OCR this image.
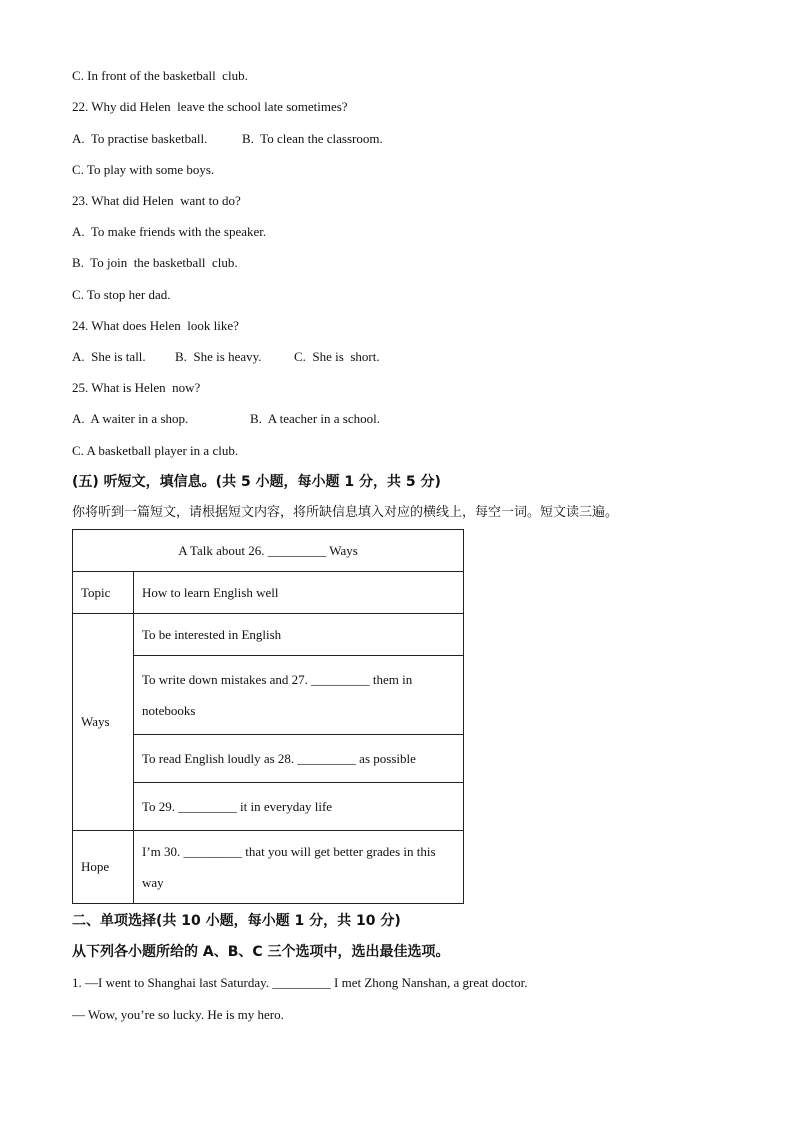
C. In front of the basketball  club.
22. Why did Helen  leave the school late sometimes?
A.  To practise basketball.	B.  To clean the classroom.
C. To play with some boys.
23. What did Helen  want to do?
A.  To make friends with the speaker.
B.  To join  the basketball  club.
C. To stop her dad.
24. What does Helen  look like?
A.  She is tall. B.  She is heavy. C.  She is  short.
25. What is Helen  now?
A.  A waiter in a shop.	B.  A teacher in a school.
C. A basketball player in a club.
(五) 听短文，填信息。(共 5 小题，每小题 1 分，共 5 分)
你将听到一篇短文，请根据短文内容，将所缺信息填入对应的横线上，每空一词。短文读三遍。
A Talk about 26. _________ Ways	
Topic	How to learn English well
Ways	To be interested in English

	To write down mistakes and 27. _________ them in notebooks

	To read English loudly as 28. _________ as possible
	To 29. _________ it in everyday life
Hope	I’m 30. _________ that you will get better grades in this way
二、单项选择(共 10 小题，每小题 1 分，共 10 分)
从下列各小题所给的 A、B、C 三个选项中，选出最佳选项。
1. —I went to Shanghai last Saturday. _________ I met Zhong Nanshan, a great doctor.
— Wow, you’re so lucky. He is my hero.
